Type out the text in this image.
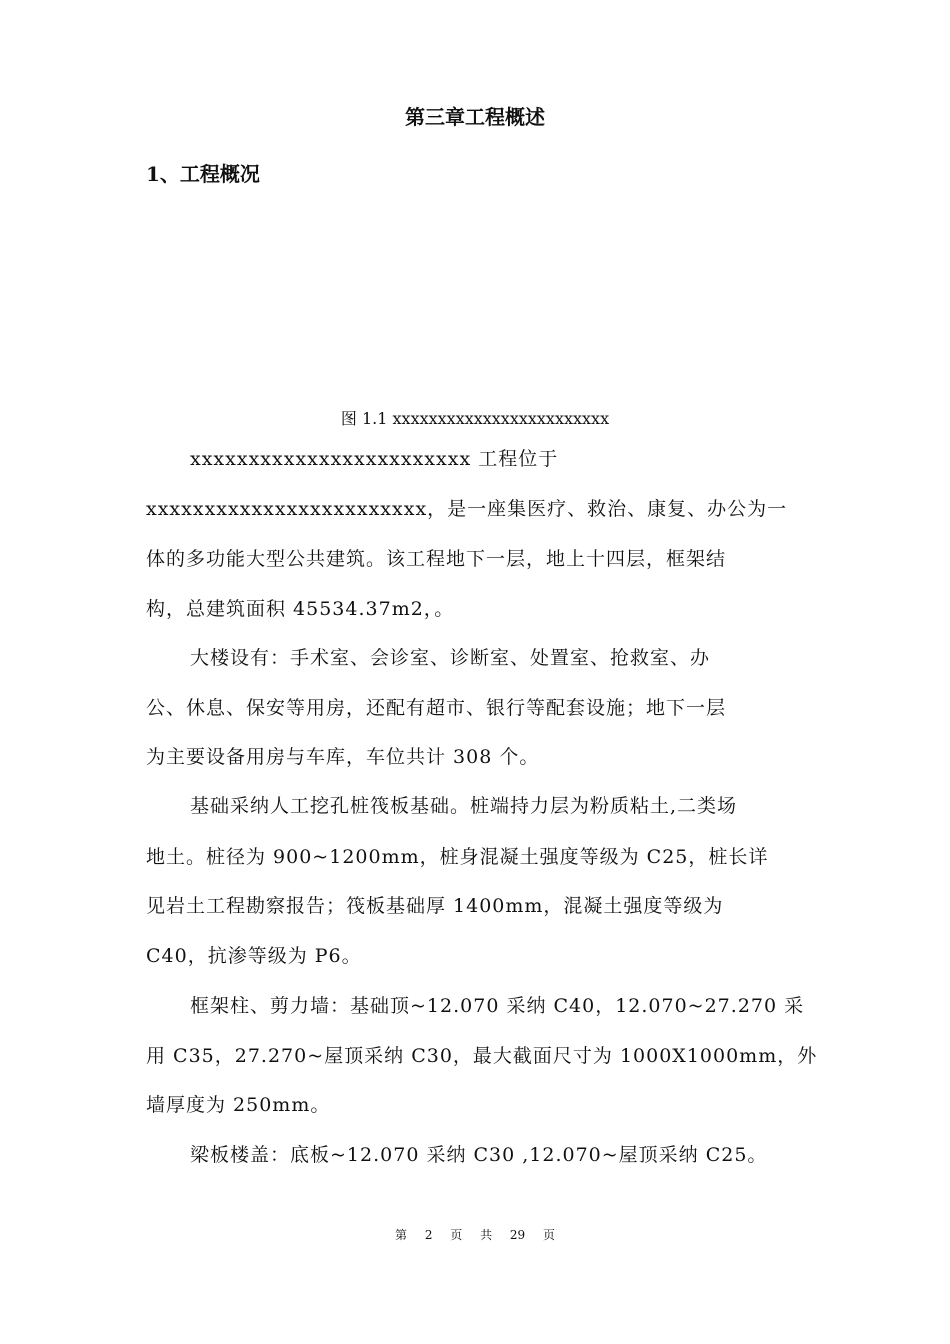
第三章工程概述
1、工程概况
图 1.1 xxxxxxxxxxxxxxxxxxxxxxxx
xxxxxxxxxxxxxxxxxxxxxxxx 工程位于
xxxxxxxxxxxxxxxxxxxxxxxx，是一座集医疗、救治、康复、办公为一
体的多功能大型公共建筑。该工程地下一层，地上十四层，框架结
构，总建筑面积 45534.37m2，。
大楼设有：手术室、会诊室、诊断室、处置室、抢救室、办
公、休息、保安等用房，还配有超市、银行等配套设施；地下一层
为主要设备用房与车库，车位共计 308 个。
基础采纳人工挖孔桩筏板基础。桩端持力层为粉质粘土,二类场
地土。桩径为 900~1200mm，桩身混凝土强度等级为 C25，桩长详
见岩土工程勘察报告；筏板基础厚 1400mm，混凝土强度等级为
C40，抗渗等级为 P6。
框架柱、剪力墙：基础顶~12.070 采纳 C40，12.070~27.270 采
用 C35，27.270~屋顶采纳 C30，最大截面尺寸为 1000X1000mm，外
墙厚度为 250mm。
梁板楼盖：底板~12.070 采纳 C30 ,12.070~屋顶采纳 C25。
第 2 页 共 29 页
